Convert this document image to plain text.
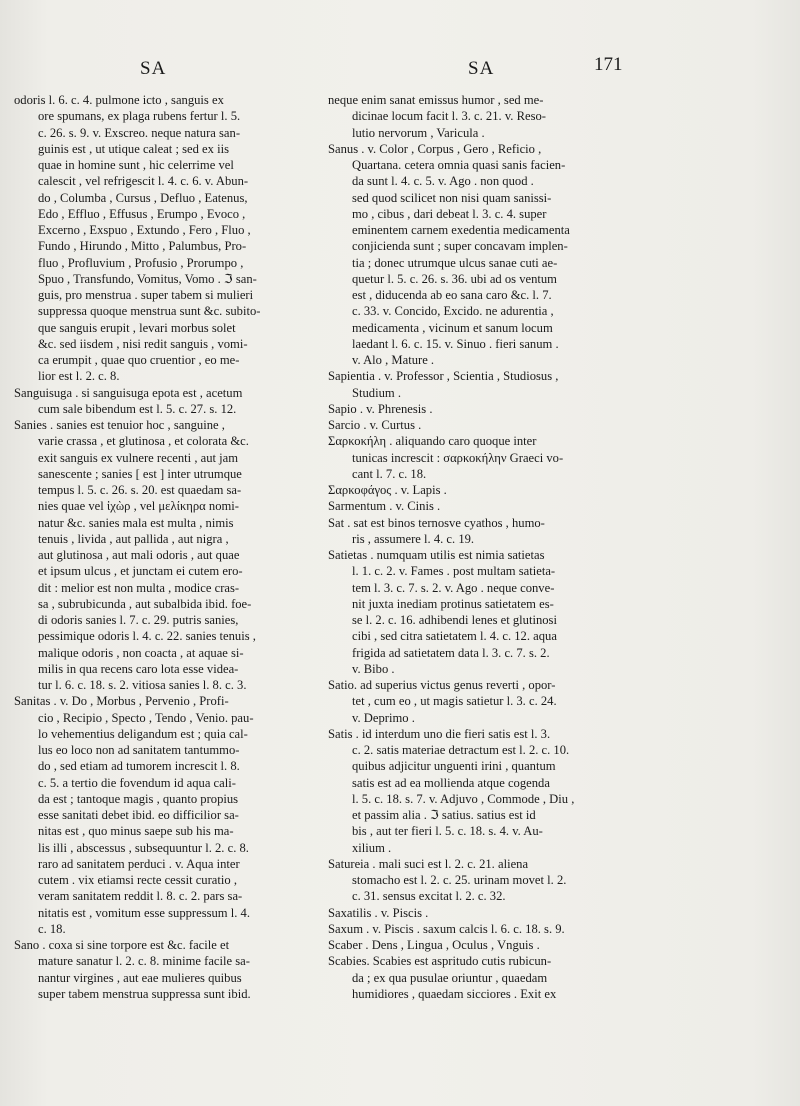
SA	SA	171
odoris l. 6. c. 4. pulmone icto , sanguis ex
ore spumans, ex plaga rubens fertur l. 5.
c. 26. s. 9. v. Exscreo. neque natura san-
guinis est , ut utique caleat ; sed ex iis
quae in homine sunt , hic celerrime vel
calescit , vel refrigescit l. 4. c. 6. v. Abun-
do , Columba , Cursus , Defluo , Eatenus,
Edo , Effluo , Effusus , Erumpo , Evoco ,
Excerno , Exspuo , Extundo , Fero , Fluo ,
Fundo , Hirundo , Mitto , Palumbus, Pro-
fluo , Profluvium , Profusio , Prorumpo ,
Spuo , Transfundo, Vomitus, Vomo . ℑ san-
guis, pro menstrua . super tabem si mulieri
suppressa quoque menstrua sunt &c. subito-
que sanguis erupit , levari morbus solet
&c. sed iisdem , nisi redit sanguis , vomi-
ca erumpit , quae quo cruentior , eo me-
lior est l. 2. c. 8.
Sanguisuga . si sanguisuga epota est , acetum
cum sale bibendum est l. 5. c. 27. s. 12.
Sanies . sanies est tenuior hoc , sanguine ,
varie crassa , et glutinosa , et colorata &c.
exit sanguis ex vulnere recenti , aut jam
sanescente ; sanies [ est ] inter utrumque
tempus l. 5. c. 26. s. 20. est quaedam sa-
nies quae vel ἰχὼρ , vel μελίκηρα nomi-
natur &c. sanies mala est multa , nimis
tenuis , livida , aut pallida , aut nigra ,
aut glutinosa , aut mali odoris , aut quae
et ipsum ulcus , et junctam ei cutem ero-
dit : melior est non multa , modice cras-
sa , subrubicunda , aut subalbida ibid. foe-
di odoris sanies l. 7. c. 29. putris sanies,
pessimique odoris l. 4. c. 22. sanies tenuis ,
malique odoris , non coacta , at aquae si-
milis in qua recens caro lota esse videa-
tur l. 6. c. 18. s. 2. vitiosa sanies l. 8. c. 3.
Sanitas . v. Do , Morbus , Pervenio , Profi-
cio , Recipio , Specto , Tendo , Venio. pau-
lo vehementius deligandum est ; quia cal-
lus eo loco non ad sanitatem tantummo-
do , sed etiam ad tumorem increscit l. 8.
c. 5. a tertio die fovendum id aqua cali-
da est ; tantoque magis , quanto propius
esse sanitati debet ibid. eo difficilior sa-
nitas est , quo minus saepe sub his ma-
lis illi , abscessus , subsequuntur l. 2. c. 8.
raro ad sanitatem perduci . v. Aqua inter
cutem . vix etiamsi recte cessit curatio ,
veram sanitatem reddit l. 8. c. 2. pars sa-
nitatis est , vomitum esse suppressum l. 4.
c. 18.
Sano . coxa si sine torpore est &c. facile et
mature sanatur l. 2. c. 8. minime facile sa-
nantur virgines , aut eae mulieres quibus
super tabem menstrua suppressa sunt ibid.
neque enim sanat emissus humor , sed me-
dicinae locum facit l. 3. c. 21. v. Reso-
lutio nervorum , Varicula .
Sanus . v. Color , Corpus , Gero , Reficio ,
Quartana. cetera omnia quasi sanis facien-
da sunt l. 4. c. 5. v. Ago . non quod .
sed quod scilicet non nisi quam sanissi-
mo , cibus , dari debeat l. 3. c. 4. super
eminentem carnem exedentia medicamenta
conjicienda sunt ; super concavam implen-
tia ; donec utrumque ulcus sanae cuti ae-
quetur l. 5. c. 26. s. 36. ubi ad os ventum
est , diducenda ab eo sana caro &c. l. 7.
c. 33. v. Concido, Excido. ne adurentia ,
medicamenta , vicinum et sanum locum
laedant l. 6. c. 15. v. Sinuo . fieri sanum .
v. Alo , Mature .
Sapientia . v. Professor , Scientia , Studiosus ,
Studium .
Sapio . v. Phrenesis .
Sarcio . v. Curtus .
Σαρκοκήλη . aliquando caro quoque inter
tunicas increscit : σαρκοκήλην Graeci vo-
cant l. 7. c. 18.
Σαρκοφάγος . v. Lapis .
Sarmentum . v. Cinis .
Sat . sat est binos ternosve cyathos , humo-
ris , assumere l. 4. c. 19.
Satietas . numquam utilis est nimia satietas
l. 1. c. 2. v. Fames . post multam satieta-
tem l. 3. c. 7. s. 2. v. Ago . neque conve-
nit juxta inediam protinus satietatem es-
se l. 2. c. 16. adhibendi lenes et glutinosi
cibi , sed citra satietatem l. 4. c. 12. aqua
frigida ad satietatem data l. 3. c. 7. s. 2.
v. Bibo .
Satio. ad superius victus genus reverti , opor-
tet , cum eo , ut magis satietur l. 3. c. 24.
v. Deprimo .
Satis . id interdum uno die fieri satis est l. 3.
c. 2. satis materiae detractum est l. 2. c. 10.
quibus adjicitur unguenti irini , quantum
satis est ad ea mollienda atque cogenda
l. 5. c. 18. s. 7. v. Adjuvo , Commode , Diu ,
et passim alia . ℑ satius. satius est id
bis , aut ter fieri l. 5. c. 18. s. 4. v. Au-
xilium .
Satureia . mali suci est l. 2. c. 21. aliena
stomacho est l. 2. c. 25. urinam movet l. 2.
c. 31. sensus excitat l. 2. c. 32.
Saxatilis . v. Piscis .
Saxum . v. Piscis . saxum calcis l. 6. c. 18. s. 9.
Scaber . Dens , Lingua , Oculus , Vnguis .
Scabies. Scabies est aspritudo cutis rubicun-
da ; ex qua pusulae oriuntur , quaedam
humidiores , quaedam sicciores . Exit ex
